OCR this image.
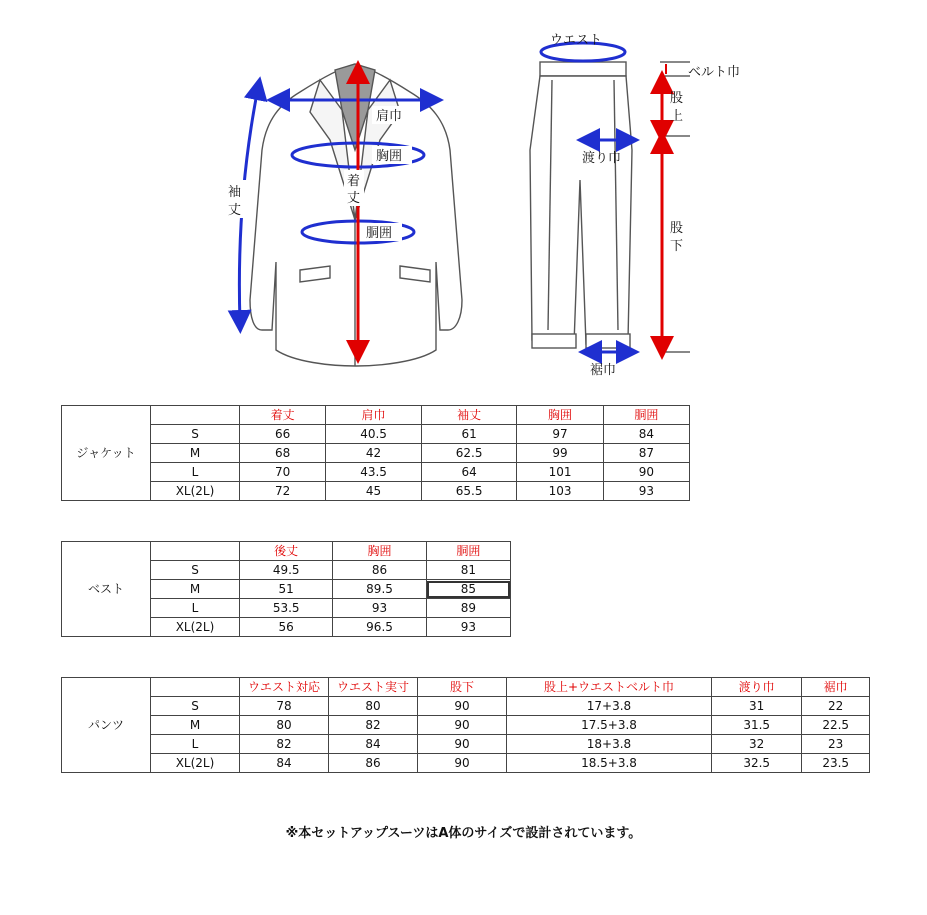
肩巾
胸囲
胴囲
着
丈
袖
丈
ウエスト
ベルト巾
股
上
渡り巾
股
下
裾巾
ジャケット		着丈	肩巾	袖丈	胸囲	胴囲
	S	66	40.5	61	97	84
	M	68	42	62.5	99	87
	L	70	43.5	64	101	90
	XL(2L)	72	45	65.5	103	93
ベスト		後丈	胸囲	胴囲
	S	49.5	86	81
	M	51	89.5	85
	L	53.5	93	89
	XL(2L)	56	96.5	93
パンツ		ウエスト対応	ウエスト実寸	股下	股上+ウエストベルト巾	渡り巾	裾巾
	S	78	80	90	17+3.8	31	22
	M	80	82	90	17.5+3.8	31.5	22.5
	L	82	84	90	18+3.8	32	23
	XL(2L)	84	86	90	18.5+3.8	32.5	23.5
※本セットアップスーツはA体のサイズで設計されています。
